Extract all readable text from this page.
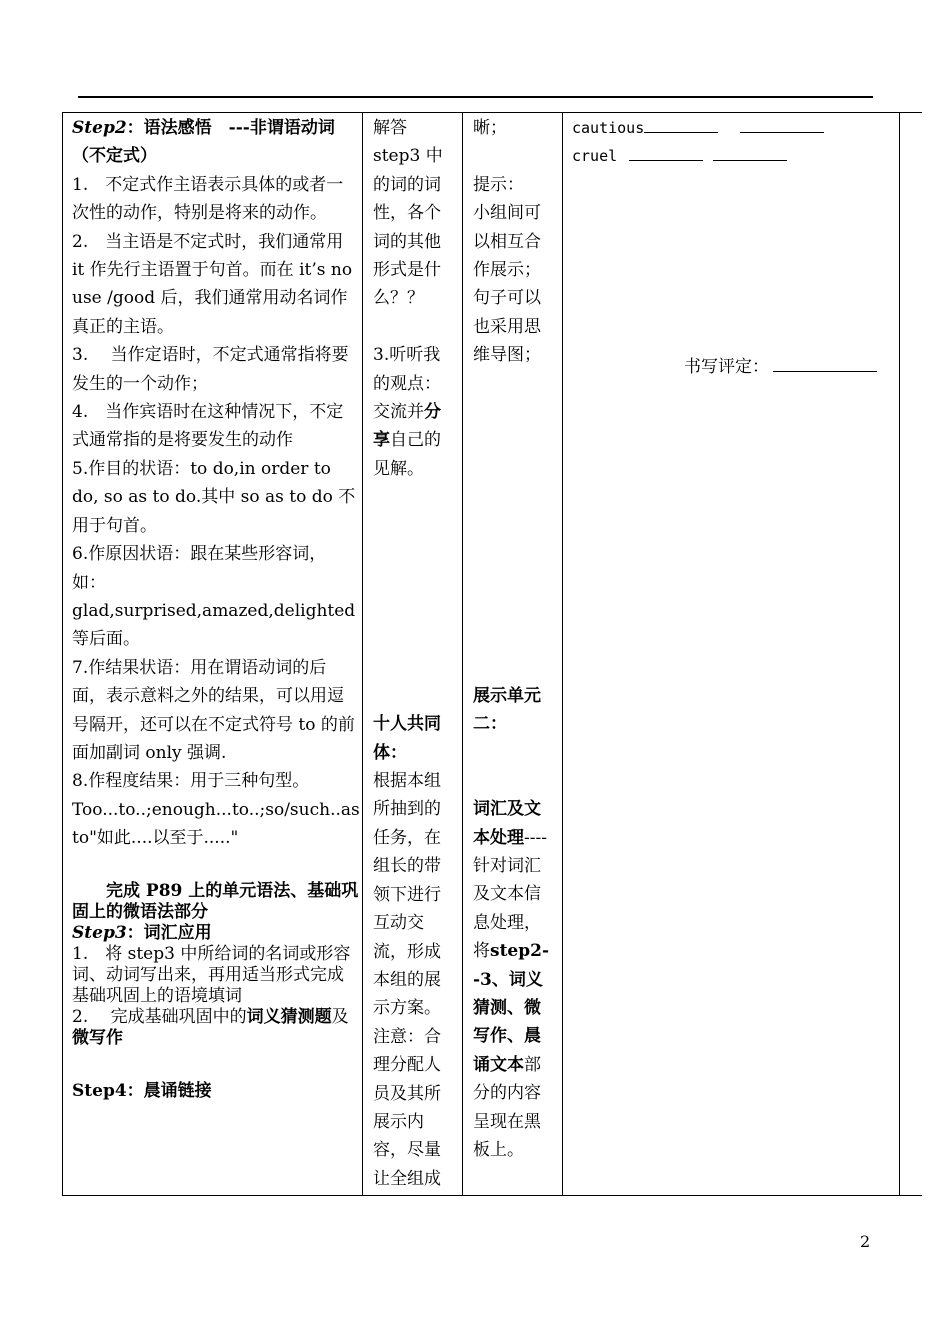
Step2：语法感悟　---非谓语动词（不定式）
1.　不定式作主语表示具体的或者一次性的动作，特别是将来的动作。
2.　当主语是不定式时，我们通常用 it 作先行主语置于句首。而在 it’s no use /good 后，我们通常用动名词作真正的主语。
3.　 当作定语时，不定式通常指将要发生的一个动作；
4.　当作宾语时在这种情况下，不定式通常指的是将要发生的动作
5.作目的状语：to do,in order to do, so as to do.其中 so as to do 不用于句首。
6.作原因状语：跟在某些形容词，如：
glad,surprised,amazed,delighted 等后面。
7.作结果状语：用在谓语动词的后面，表示意料之外的结果，可以用逗号隔开，还可以在不定式符号 to 的前面加副词 only 强调.
8.作程度结果：用于三种句型。Too...to..;enough...to..;so/such..as to"如此....以至于....."
完成 P89 上的单元语法、基础巩固上的微语法部分
Step3：词汇应用
1.　将 step3 中所给词的名词或形容词、动词写出来，再用适当形式完成基础巩固上的语境填词
2.　 完成基础巩固中的词义猜测题及微写作
Step4：晨诵链接
解答 step3 中的词的词性，各个词的其他形式是什么？？
3.听听我的观点：交流并分享自己的见解。
十人共同体：
根据本组所抽到的任务，在组长的带领下进行互动交流，形成本组的展示方案。注意：合理分配人员及其所展示内容，尽量让全组成
晰；
提示：
小组间可以相互合作展示；句子可以也采用思维导图；
展示单元二：
词汇及文本处理----针对词汇及文本信息处理，将step2--3、词义猜测、微写作、晨诵文本部分的内容呈现在黑板上。
cautious
cruel
书写评定：
2
